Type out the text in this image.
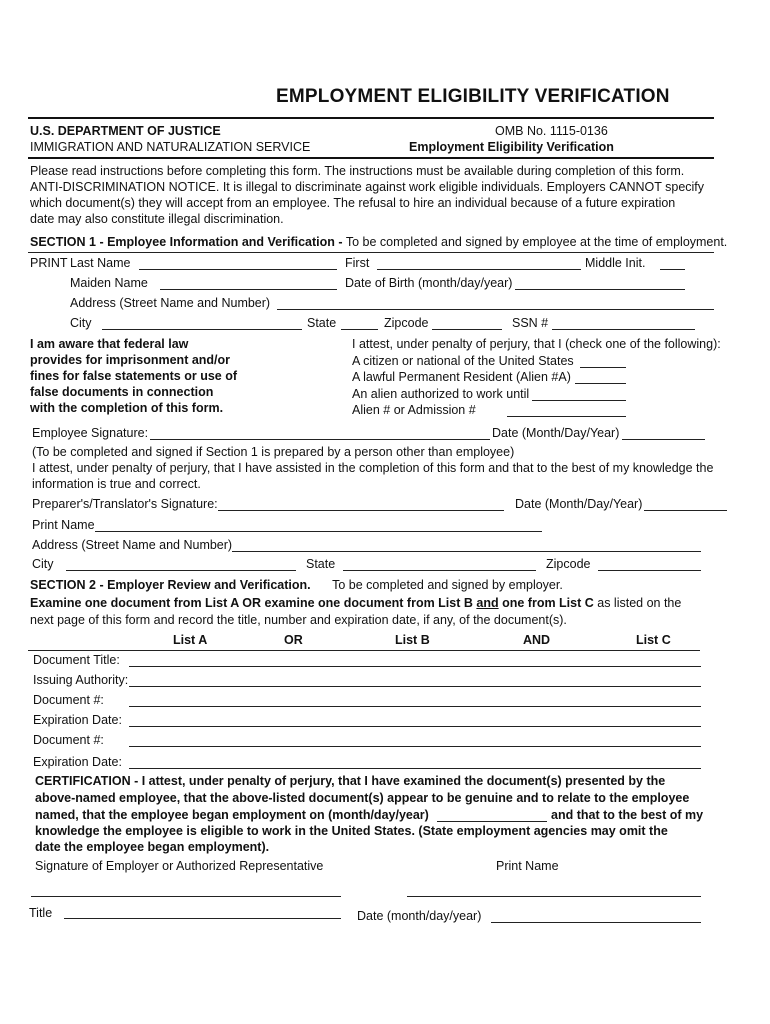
EMPLOYMENT ELIGIBILITY VERIFICATION
U.S. DEPARTMENT OF JUSTICE
IMMIGRATION AND NATURALIZATION SERVICE
OMB No. 1115-0136
Employment Eligibility Verification
Please read instructions before completing this form. The instructions must be available during completion of this form.
ANTI-DISCRIMINATION NOTICE. It is illegal to discriminate against work eligible individuals. Employers CANNOT specify
which document(s) they will accept from an employee. The refusal to hire an individual because of a future expiration
date may also constitute illegal discrimination.
SECTION 1 - Employee Information and Verification - To be completed and signed by employee at the time of employment.
PRINT Last Name	First	Middle Init.
Maiden Name	Date of Birth (month/day/year)
Address (Street Name and Number)
City	State	Zipcode	SSN #
I am aware that federal law
provides for imprisonment and/or
fines for false statements or use of
false documents in connection
with the completion of this form.
I attest, under penalty of perjury, that I (check one of the following):
A citizen or national of the United States
A lawful Permanent Resident (Alien #A)
An alien authorized to work until
Alien # or Admission #
Employee Signature:	Date (Month/Day/Year)
(To be completed and signed if Section 1 is prepared by a person other than employee)
I attest, under penalty of perjury, that I have assisted in the completion of this form and that to the best of my knowledge the
information is true and correct.
Preparer's/Translator's Signature:	Date (Month/Day/Year)
Print Name
Address (Street Name and Number)
City	State	Zipcode
SECTION 2 - Employer Review and Verification. To be completed and signed by employer.
Examine one document from List A OR examine one document from List B and one from List C as listed on the
next page of this form and record the title, number and expiration date, if any, of the document(s).
List A	OR	List B	AND	List C
Document Title:
Issuing Authority:
Document #:
Expiration Date:
Document #:
Expiration Date:
CERTIFICATION - I attest, under penalty of perjury, that I have examined the document(s) presented by the
above-named employee, that the above-listed document(s) appear to be genuine and to relate to the employee
named, that the employee began employment on (month/day/year)	and that to the best of my
knowledge the employee is eligible to work in the United States. (State employment agencies may omit the
date the employee began employment).
Signature of Employer or Authorized Representative	Print Name
Title	Date (month/day/year)
